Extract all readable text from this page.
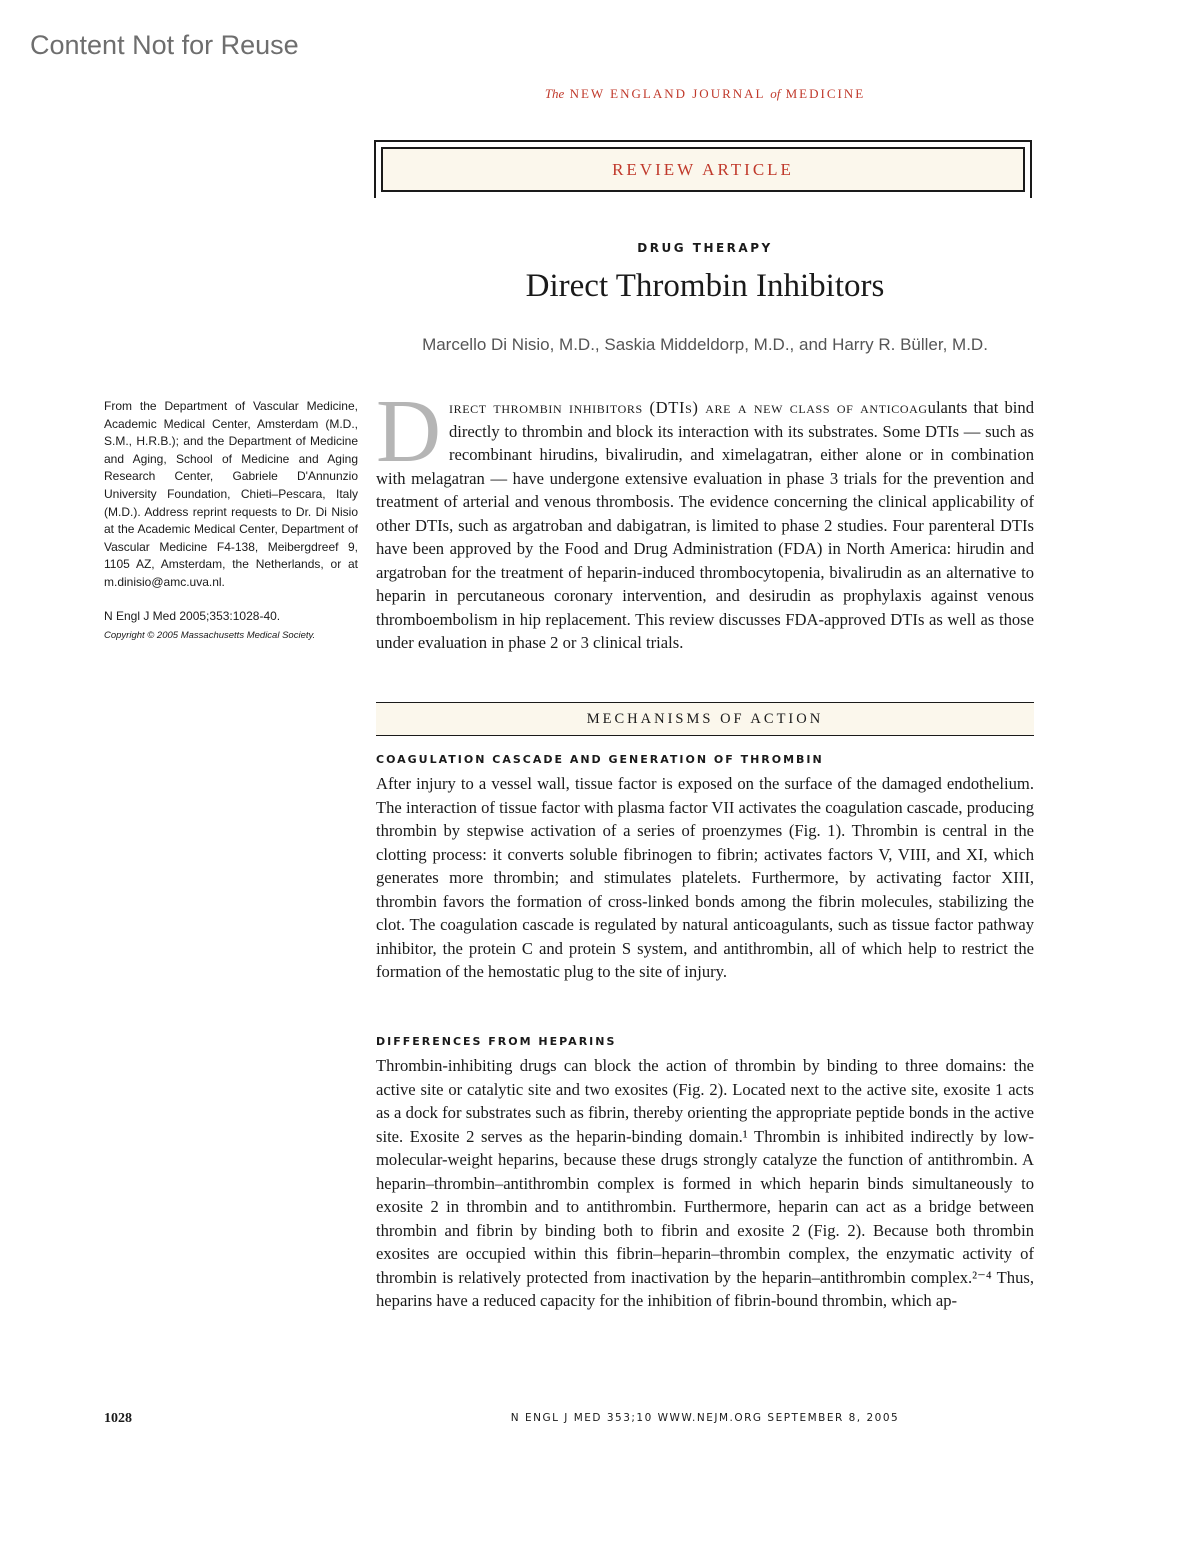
Content Not for Reuse
The NEW ENGLAND JOURNAL of MEDICINE
REVIEW ARTICLE
DRUG THERAPY
Direct Thrombin Inhibitors
Marcello Di Nisio, M.D., Saskia Middeldorp, M.D., and Harry R. Büller, M.D.

From the Department of Vascular Medicine, Academic Medical Center, Amsterdam (M.D., S.M., H.R.B.); and the Department of Medicine and Aging, School of Medicine and Aging Research Center, Gabriele D'Annunzio University Foundation, Chieti–Pescara, Italy (M.D.). Address reprint requests to Dr. Di Nisio at the Academic Medical Center, Department of Vascular Medicine F4-138, Meibergdreef 9, 1105 AZ, Amsterdam, the Netherlands, or at m.dinisio@amc.uva.nl.

N Engl J Med 2005;353:1028-40.

Copyright © 2005 Massachusetts Medical Society.

Direct thrombin inhibitors (DTIs) are a new class of anticoagulants that bind directly to thrombin and block its interaction with its substrates. Some DTIs — such as recombinant hirudins, bivalirudin, and ximelagatran, either alone or in combination with melagatran — have undergone extensive evaluation in phase 3 trials for the prevention and treatment of arterial and venous thrombosis. The evidence concerning the clinical applicability of other DTIs, such as argatroban and dabigatran, is limited to phase 2 studies. Four parenteral DTIs have been approved by the Food and Drug Administration (FDA) in North America: hirudin and argatroban for the treatment of heparin-induced thrombocytopenia, bivalirudin as an alternative to heparin in percutaneous coronary intervention, and desirudin as prophylaxis against venous thromboembolism in hip replacement. This review discusses FDA-approved DTIs as well as those under evaluation in phase 2 or 3 clinical trials.
MECHANISMS OF ACTION
COAGULATION CASCADE AND GENERATION OF THROMBIN
After injury to a vessel wall, tissue factor is exposed on the surface of the damaged endothelium. The interaction of tissue factor with plasma factor VII activates the coagulation cascade, producing thrombin by stepwise activation of a series of proenzymes (Fig. 1). Thrombin is central in the clotting process: it converts soluble fibrinogen to fibrin; activates factors V, VIII, and XI, which generates more thrombin; and stimulates platelets. Furthermore, by activating factor XIII, thrombin favors the formation of cross-linked bonds among the fibrin molecules, stabilizing the clot. The coagulation cascade is regulated by natural anticoagulants, such as tissue factor pathway inhibitor, the protein C and protein S system, and antithrombin, all of which help to restrict the formation of the hemostatic plug to the site of injury.
DIFFERENCES FROM HEPARINS
Thrombin-inhibiting drugs can block the action of thrombin by binding to three domains: the active site or catalytic site and two exosites (Fig. 2). Located next to the active site, exosite 1 acts as a dock for substrates such as fibrin, thereby orienting the appropriate peptide bonds in the active site. Exosite 2 serves as the heparin-binding domain.¹ Thrombin is inhibited indirectly by low-molecular-weight heparins, because these drugs strongly catalyze the function of antithrombin. A heparin–thrombin–antithrombin complex is formed in which heparin binds simultaneously to exosite 2 in thrombin and to antithrombin. Furthermore, heparin can act as a bridge between thrombin and fibrin by binding both to fibrin and exosite 2 (Fig. 2). Because both thrombin exosites are occupied within this fibrin–heparin–thrombin complex, the enzymatic activity of thrombin is relatively protected from inactivation by the heparin–antithrombin complex.²⁻⁴ Thus, heparins have a reduced capacity for the inhibition of fibrin-bound thrombin, which ap-
1028	N ENGL J MED 353;10 WWW.NEJM.ORG SEPTEMBER 8, 2005
